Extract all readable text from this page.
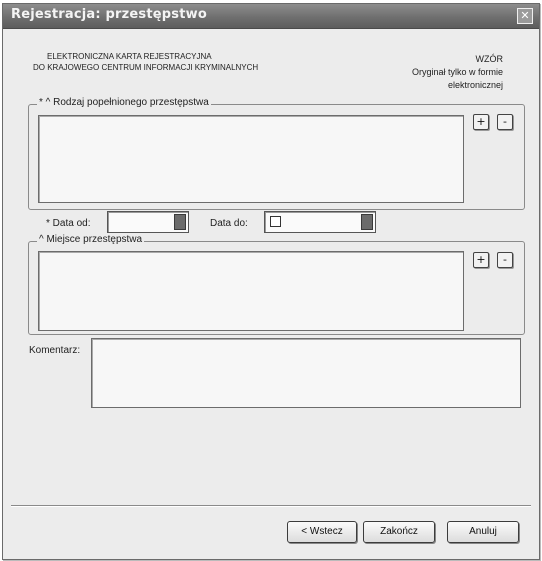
Rejestracja: przestępstwo	✕
ELEKTRONICZNA KARTA REJESTRACYJNA
DO KRAJOWEGO CENTRUM INFORMACJI KRYMINALNYCH
WZÓR
Oryginał tylko w formie
elektronicznej
* ^ Rodzaj popełnionego przestępstwa
+	-
* Data od:	Data do:
^ Miejsce przestępstwa
+	-
Komentarz:
< Wstecz	Zakończ	Anuluj
